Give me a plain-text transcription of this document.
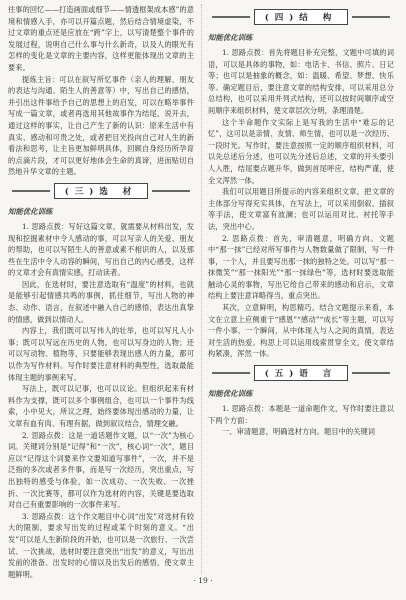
往事的回忆——打造画面或细节——情透框架成本感”的意境和情感入手，亦可以开篇点题，然后结合情境虚染，不过文章的重点还是应放在“跨”字上，以写清楚整个事件的发展过程，说明自己什么事与什么新奇，以及人的眼光有怎样的变化是文章的主要内容，这样更能体现出文章的主要来。

提炼主旨：可以在叙写所忆事件（亲人的理解、朋友的表达与沟通、陌生人的善意等）中，写出自己的感悟，并引出这件事给予自己的思想上的启发，可以在略举事件写成一篇文章，或者再选用其他故事作为结尾，说开去，通过这样的事实，让自己产生了新的认识：原来生活中有真实、感动和可贵之处，或者把目光投向自己对人生的新看法和思考，让主旨更加鲜明具体，回顾自身经历所孕育的点滴片段，才可以更好地体会生命的真谛，进而贴切自然地升华文章的主题。

(三)选 材
知能优化训练

1. 思路点拨：写好这篇文章，就需要从材料出发，发现和挖掘素材中令人感动的事，可以写亲人的关爱、朋友的帮助，也可以写陌生人的善意或素不相识的人，以及那些在生活中令人动容的瞬间，写出自己的内心感受，这样的文章才会有真情实感，打动读者。

因此，在选材时，要注意选取有“温度”的材料，也就是能够引起情感共鸣的事例，抓住细节，写出人物的神态、动作、语言，在叙述中融入自己的感悟，表达出真挚的情感，做到以情动人。

内容上，我们既可以写伟人的壮举，也可以写凡人小事；既可以写远在历史的人物，也可以写身边的人物；还可以写动物、植物等，只要能够表现出感人的力量，都可以作为写作材料。写作时要注意材料的典型性，选取最能体现主题的事例来写。

写法上，既可以记事，也可以议论。但组织起来有材料作为支撑，既可以多个事例组合，也可以一个事件为线索，小中见大，所议之理，始终要体现出感动的力量，让文章有血有肉、有理有据，做到叙议结合，情理交融。

2. 思路点拨：这是一道话题作文题，以“一次”为核心词。关键词分别是“记得”和“一次”，核心词“一次”，题目应以“记得这个词要来作文要知道写事件”，一次，并不是泛指的多次或者多件事，而是写一次经历，突出重点，写出独特的感受与体验，如一次成功、一次失败、一次挫折、一次比赛等，都可以作为选材的内容，关键是要选取对自己有重要影响的一次事件来写。

3. 思路点拨：这个作文题目中心词“出发”对选材有较大的限制，要求写出发的过程或某个时刻的意义。“出发”可以是人生新阶段的开始，也可以是一次旅行、一次尝试、一次挑战，选材时要注意突出“出发”的意义，写出出发前的准备、出发时的心情以及出发后的感悟，使文章主题鲜明。

(四)结 构
知能优化训练

1. 思路点拨：首先将题目补充完整，文题中可填的词语，可以是具体的事物，如：电话卡、书信、照片、日记等；也可以是抽象的概念，如：温暖、希望、梦想、快乐等。确定题目后，要注意文章的结构安排，可以采用总分总结构，也可以采用并列式结构，还可以按时间顺序或空间顺序来组织材料，使文章层次分明，条理清楚。

这个半命题作文实际上是写我的生活中“难忘的记忆”，这可以是亲情、友情、师生情，也可以是一次经历、一段时光。写作时，要注意按照一定的顺序组织材料，可以先总述后分述，也可以先分述后总述，文章的开头要引人入胜，结尾要点题升华，做到首尾呼应，结构严谨，使全文浑然一体。

我们可以用题目所提示的内容来组织文章，把文章的主体部分写得充实具体，在写法上，可以采用倒叙、插叙等手法，使文章富有波澜；也可以运用对比、衬托等手法，突出中心。

2. 思路点拨：首先，审清题意，明确方向。文题中“那一抹”已经对所写事件与人物数量做了限制，写一件事，一个人，并且要写出那一抹的独特之处。可以写“那一抹微笑”“那一抹阳光”“那一抹绿色”等，选材时要选取能触动心灵的事物，写出它给自己带来的感动和启示，文章结构上要注意详略得当，重点突出。

其次，立意鲜明，构思精巧。结合文题提示来看，本文在立意上应侧重于“感恩”“感动”“成长”等主题，可以写一件小事、一个瞬间，从中体现人与人之间的真情，表达对生活的热爱。构思上可以运用线索贯穿全文，使文章结构紧凑，浑然一体。

(五)语 言
知能优化训练

1. 思路点拨：本题是一道命题作文，写作时要注意以下两个方面：

一、审清题意，明确选材方向。题目中的关键词

· 19 ·
